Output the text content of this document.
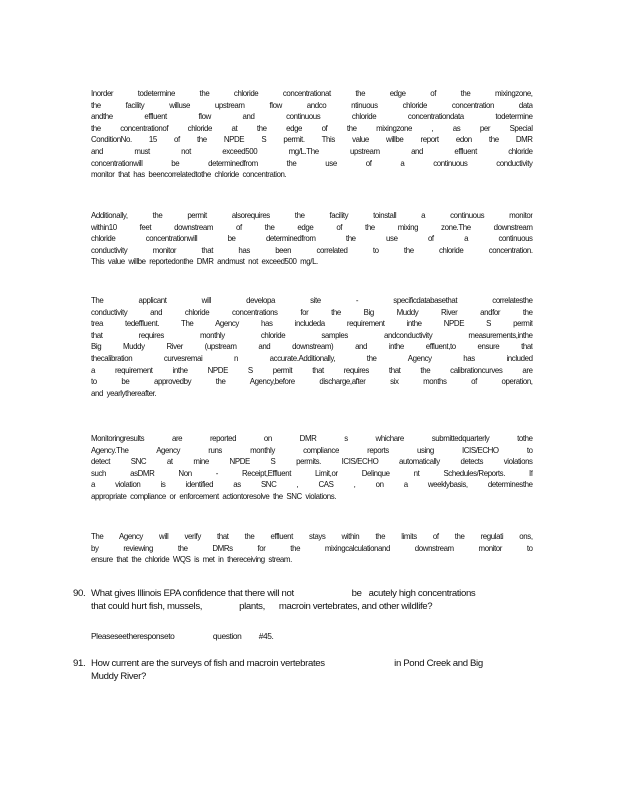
Inorder todetermine the chloride concentrationat the edge of the mixingzone,
the facility willuse upstream flow andco ntinuous chloride concentration data
andthe effluent flow and continuous chloride concentrationdata todetermine
the concentrationof chloride at the edge of the mixingzone , as per Special
ConditionNo. 15 of the NPDE S permit. This value willbe report edon the DMR
and must not exceed500 mg/L.The upstream and effluent chloride
concentrationwill be determinedfrom the use of a continuous conductivity
monitor that has beencorrelatedtothe chloride concentration.
Additionally, the permit alsorequires the facility toinstall a continuous monitor
within10 feet downstream of the edge of the mixing zone.The downstream
chloride concentrationwill be determinedfrom the use of a continuous
conductivity monitor that has been correlated to the chloride concentration.
This value willbe reportedonthe DMR andmust not exceed500 mg/L.
The applicant will developa site - specificdatabasethat correlatesthe
conductivity and chloride concentrations for the Big Muddy River andfor the
trea tedeffluent. The Agency has includeda requirement inthe NPDE S permit
that requires monthly chloride samples andconductivity measurements,inthe
Big Muddy River (upstream and downstream) and inthe effluent,to ensure that
thecalibration curvesremai n accurate.Additionally, the Agency has included
a requirement inthe NPDE S permit that requires that the calibrationcurves are
to be approvedby the Agency,before discharge,after six months of operation,
and yearlythereafter.
Monitoringresults are reported on DMR s whichare submittedquarterly tothe
Agency.The Agency runs monthly compliance reports using ICIS/ECHO to
detect SNC at mine NPDE S permits. ICIS/ECHO automatically detects violations
such asDMR Non - Receipt,Effluent Limit,or Delinque nt Schedules/Reports. If
a violation is identified as SNC , CAS , on a weeklybasis, determinesthe
appropriate compliance or enforcement actiontoresolve the SNC violations.
The Agency will verify that the effluent stays within the limits of the regulati ons,
by reviewing the DMRs for the mixingcalculationand downstream monitor to
ensure that the chloride WQS is met in thereceiving stream.
90. What gives Illinois EPA confidence that there will not                         be   acutely high concentrations
that could hurt fish, mussels,                plants,      macroin vertebrates, and other wildlife?
Pleaseseetheresponseto                    question         #45.
91. How current are the surveys of fish and macroin vertebrates                              in Pond Creek and Big
Muddy River?
